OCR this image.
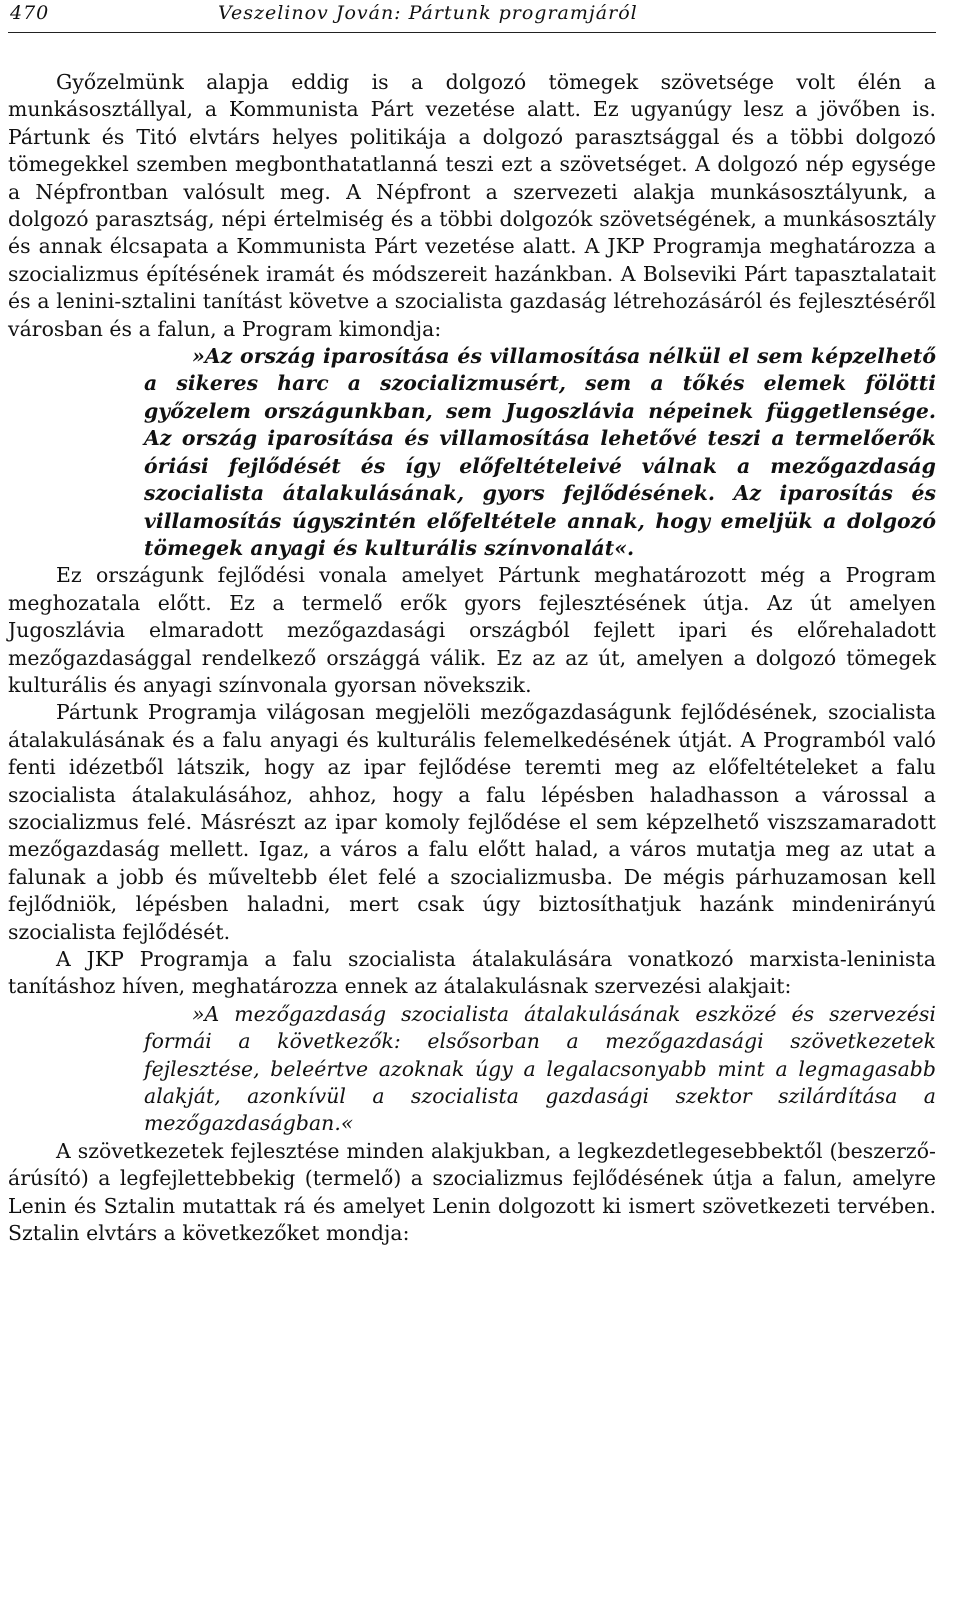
470	Veszelinov Jován: Pártunk programjáról

Győzelmünk alapja eddig is a dolgozó tömegek szövetsége volt élén a munkásosztállyal, a Kommunista Párt vezetése alatt. Ez ugyanúgy lesz a jövőben is. Pártunk és Titó elvtárs helyes politikája a dolgozó parasztsággal és a többi dolgozó tömegekkel szemben megbonthatatlanná teszi ezt a szövetséget. A dolgozó nép egysége a Népfrontban valósult meg. A Népfront a szervezeti alakja munkásosztályunk, a dolgozó parasztság, népi értelmiség és a többi dolgozók szövetségének, a munkásosztály és annak élcsapata a Kommunista Párt vezetése alatt. A JKP Programja meghatározza a szocializmus építésének iramát és módszereit hazánkban. A Bolseviki Párt tapasztalatait és a lenini-sztalini tanítást követve a szocialista gazdaság létrehozásáról és fejlesztéséről városban és a falun, a Program kimondja:

»Az ország iparosítása és villamosítása nélkül el sem képzelhető a sikeres harc a szocializmusért, sem a tőkés elemek fölötti győzelem országunkban, sem Jugoszlávia népeinek függetlensége. Az ország iparosítása és villamosítása lehetővé teszi a termelőerők óriási fejlődését és így előfeltételeivé válnak a mezőgazdaság szocialista átalakulásának, gyors fejlődésének. Az iparosítás és villamosítás úgyszintén előfeltétele annak, hogy emeljük a dolgozó tömegek anyagi és kulturális színvonalát«.

Ez országunk fejlődési vonala amelyet Pártunk meghatározott még a Program meghozatala előtt. Ez a termelő erők gyors fejlesztésének útja. Az út amelyen Jugoszlávia elmaradott mezőgazdasági országból fejlett ipari és előrehaladott mezőgazdasággal rendelkező országgá válik. Ez az az út, amelyen a dolgozó tömegek kulturális és anyagi színvonala gyorsan növekszik.

Pártunk Programja világosan megjelöli mezőgazdaságunk fejlődésének, szocialista átalakulásának és a falu anyagi és kulturális felemelkedésének útját. A Programból való fenti idézetből látszik, hogy az ipar fejlődése teremti meg az előfeltételeket a falu szocialista átalakulásához, ahhoz, hogy a falu lépésben haladhasson a várossal a szocializmus felé. Másrészt az ipar komoly fejlődése el sem képzelhető viszszamaradott mezőgazdaság mellett. Igaz, a város a falu előtt halad, a város mutatja meg az utat a falunak a jobb és műveltebb élet felé a szocializmusba. De mégis párhuzamosan kell fejlődniök, lépésben haladni, mert csak úgy biztosíthatjuk hazánk mindenirányú szocialista fejlődését.

A JKP Programja a falu szocialista átalakulására vonatkozó marxista-leninista tanításhoz híven, meghatározza ennek az átalakulásnak szervezési alakjait:

»A mezőgazdaság szocialista átalakulásának eszközé és szervezési formái a következők: elsősorban a mezőgazdasági szövetkezetek fejlesztése, beleértve azoknak úgy a legalacsonyabb mint a legmagasabb alakját, azonkívül a szocialista gazdasági szektor szilárdítása a mezőgazdaságban.«

A szövetkezetek fejlesztése minden alakjukban, a legkezdetlegesebbektől (beszerző-árúsító) a legfejlettebbekig (termelő) a szocializmus fejlődésének útja a falun, amelyre Lenin és Sztalin mutattak rá és amelyet Lenin dolgozott ki ismert szövetkezeti tervében. Sztalin elvtárs a következőket mondja:
